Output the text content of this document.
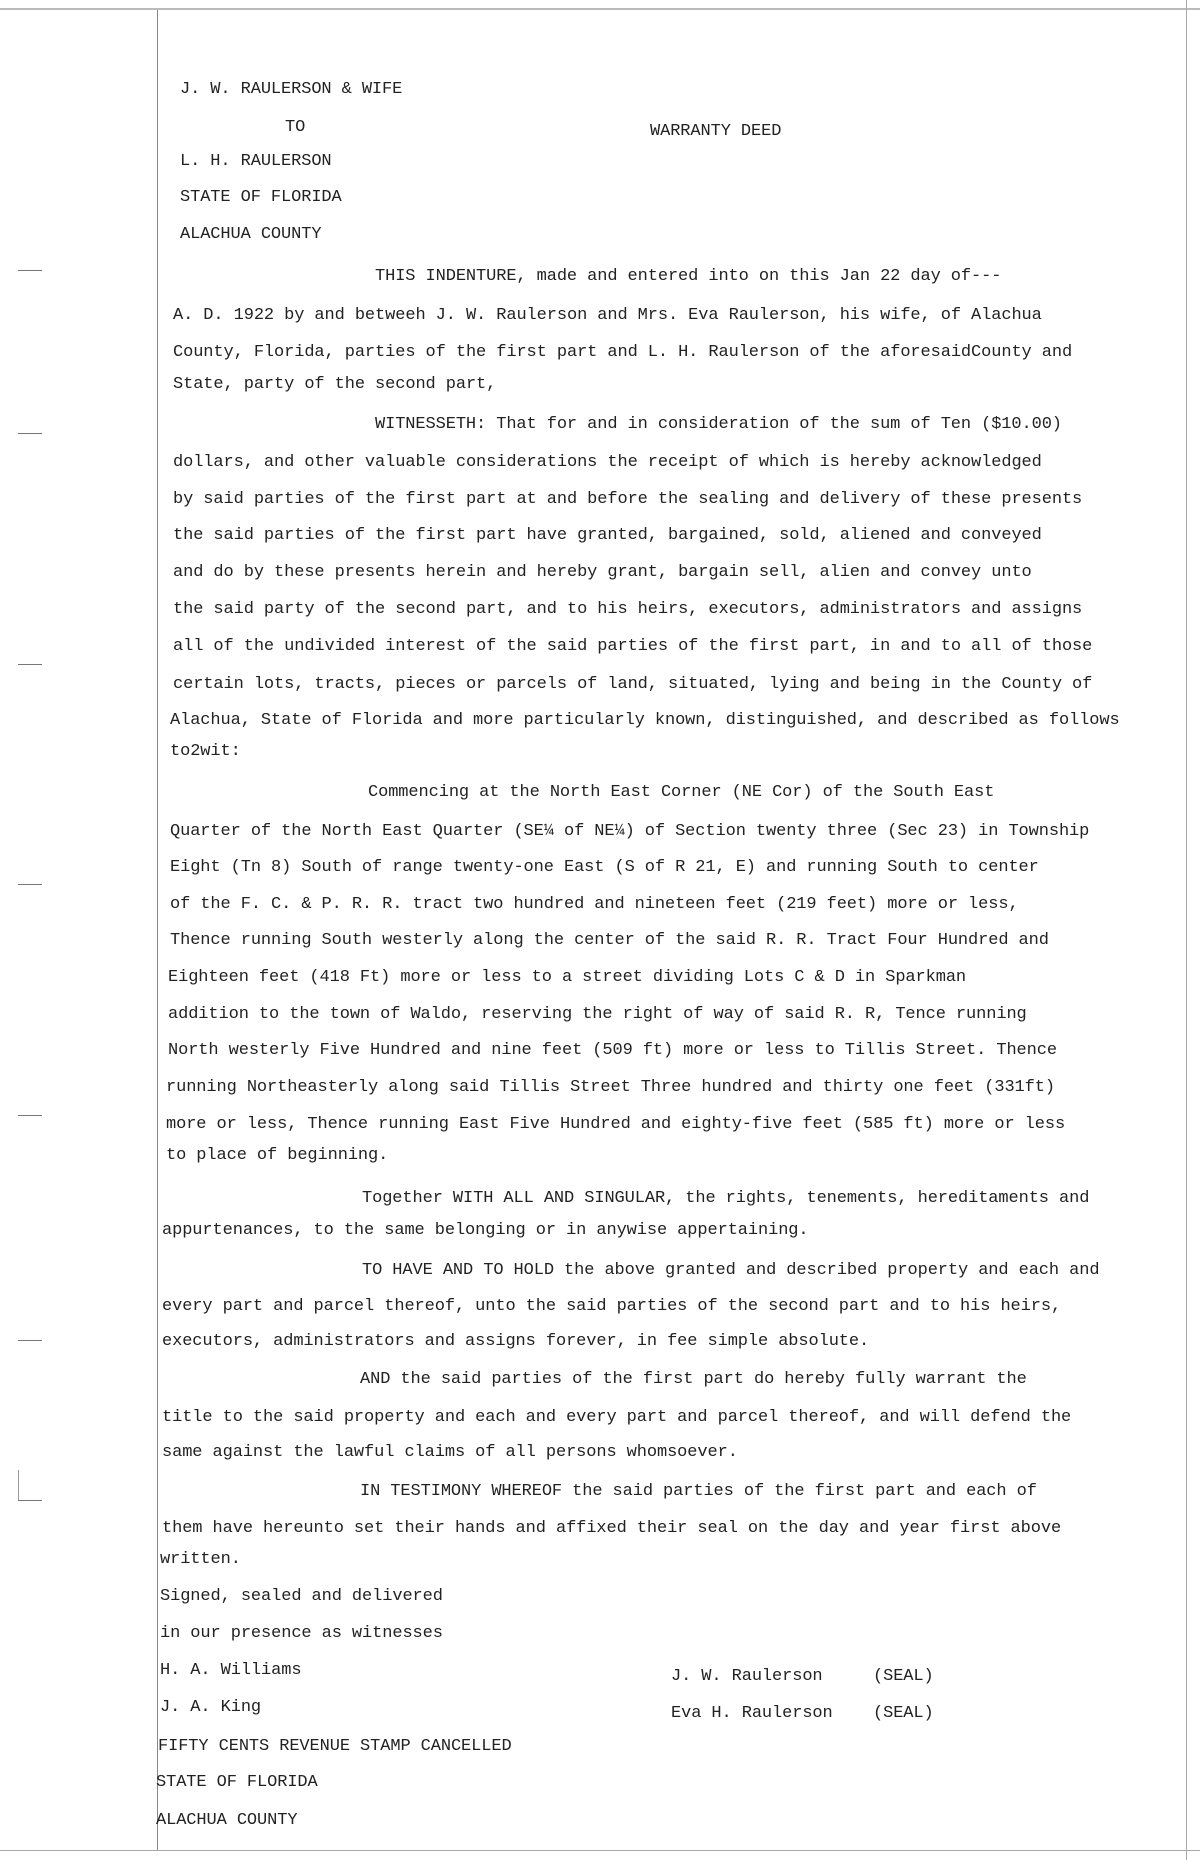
J. W. RAULERSON & WIFE
TO	WARRANTY DEED
L. H. RAULERSON
STATE OF FLORIDA
ALACHUA COUNTY
THIS INDENTURE, made and entered into on this Jan 22 day of---
A. D. 1922 by and betweeh J. W. Raulerson and Mrs. Eva Raulerson, his wife, of Alachua
County, Florida, parties of the first part and L. H. Raulerson of the aforesaidCounty and
State, party of the second part,
WITNESSETH: That for and in consideration of the sum of Ten ($10.00)
dollars, and other valuable considerations the receipt of which is hereby acknowledged
by said parties of the first part at and before the sealing and delivery of these presents
the said parties of the first part have granted, bargained, sold, aliened and conveyed
and do by these presents herein and hereby grant, bargain sell, alien and convey unto
the said party of the second part, and to his heirs, executors, administrators and assigns
all of the undivided interest of the said parties of the first part, in and to all of those
certain lots, tracts, pieces or parcels of land, situated, lying and being in the County of
Alachua, State of Florida and more particularly known, distinguished, and described as follows
to2wit:
Commencing at the North East Corner (NE Cor) of the South East
Quarter of the North East Quarter (SE¼ of NE¼) of Section twenty three (Sec 23) in Township
Eight (Tn 8) South of range twenty-one East (S of R 21, E) and running South to center
of the F. C. & P. R. R. tract two hundred and nineteen feet (219 feet) more or less,
Thence running South westerly along the center of the said R. R. Tract Four Hundred and
Eighteen feet (418 Ft) more or less to a street dividing Lots C & D in Sparkman
addition to the town of Waldo, reserving the right of way of said R. R, Tence running
North westerly Five Hundred and nine feet (509 ft) more or less to Tillis Street. Thence
running Northeasterly along said Tillis Street Three hundred and thirty one feet (331ft)
more or less, Thence running East Five Hundred and eighty-five feet (585 ft) more or less
to place of beginning.
Together WITH ALL AND SINGULAR, the rights, tenements, hereditaments and
appurtenances, to the same belonging or in anywise appertaining.
TO HAVE AND TO HOLD the above granted and described property and each and
every part and parcel thereof, unto the said parties of the second part and to his heirs,
executors, administrators and assigns forever, in fee simple absolute.
AND the said parties of the first part do hereby fully warrant the
title to the said property and each and every part and parcel thereof, and will defend the
same against the lawful claims of all persons whomsoever.
IN TESTIMONY WHEREOF the said parties of the first part and each of
them have hereunto set their hands and affixed their seal on the day and year first above
written.
Signed, sealed and delivered
in our presence as witnesses
H. A. Williams	J. W. Raulerson	(SEAL)
J. A. King	Eva H. Raulerson (SEAL)
FIFTY CENTS REVENUE STAMP CANCELLED
STATE OF FLORIDA
ALACHUA COUNTY
